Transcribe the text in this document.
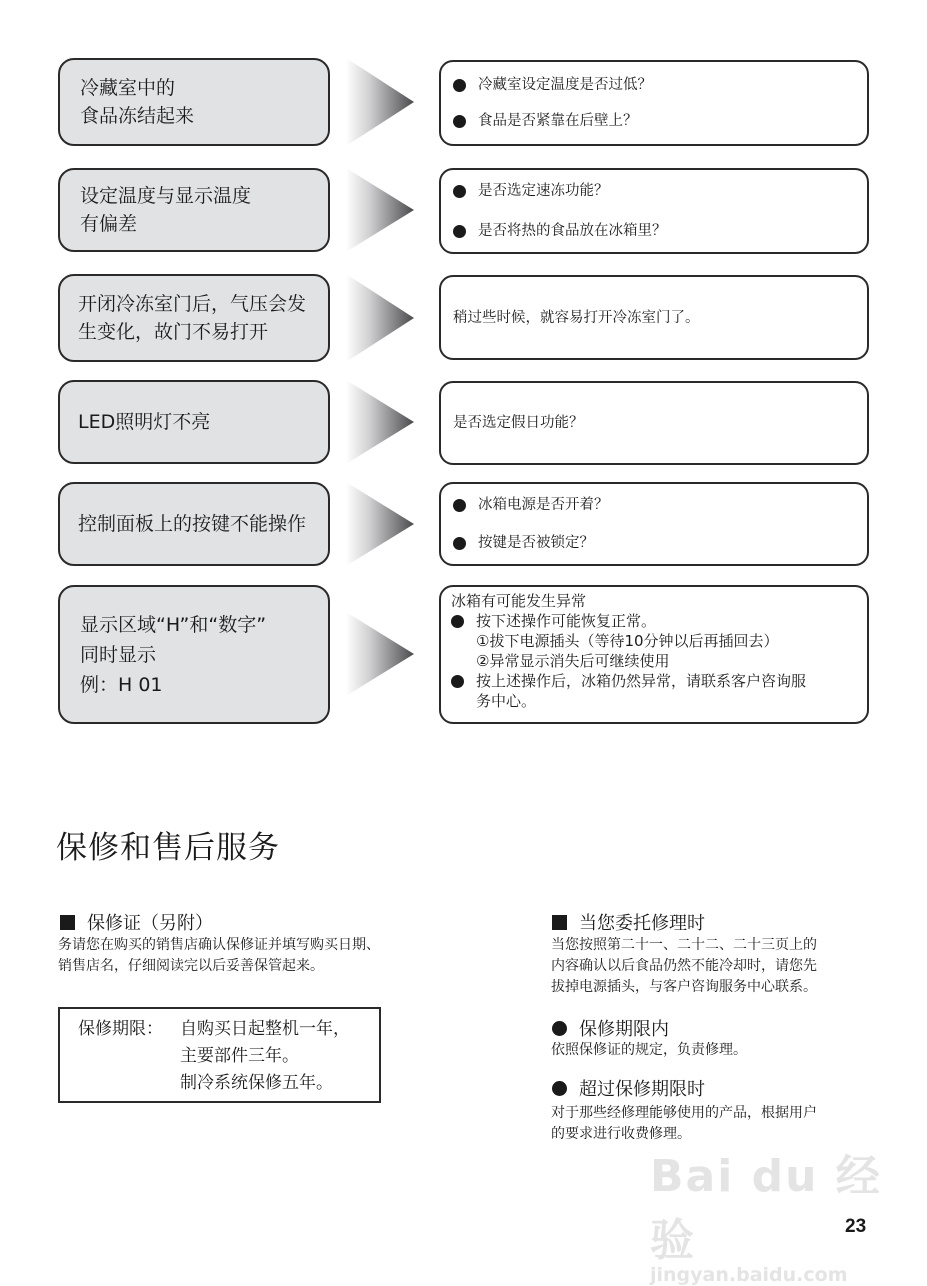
冷藏室中的
食品冻结起来
冷藏室设定温度是否过低？
食品是否紧靠在后壁上？
设定温度与显示温度
有偏差
是否选定速冻功能？
是否将热的食品放在冰箱里？
开闭冷冻室门后，气压会发
生变化，故门不易打开
稍过些时候，就容易打开冷冻室门了。
LED照明灯不亮	是否选定假日功能？
控制面板上的按键不能操作
冰箱电源是否开着？
按键是否被锁定？
显示区域“H”和“数字”
同时显示
例：H 01
冰箱有可能发生异常
按下述操作可能恢复正常。
①拔下电源插头（等待10分钟以后再插回去）
②异常显示消失后可继续使用
按上述操作后，冰箱仍然异常，请联系客户咨询服
务中心。
保修和售后服务
保修证（另附）
务请您在购买的销售店确认保修证并填写购买日期、
销售店名，仔细阅读完以后妥善保管起来。
保修期限：	自购买日起整机一年，
主要部件三年。
制冷系统保修五年。
当您委托修理时
当您按照第二十一、二十二、二十三页上的
内容确认以后食品仍然不能冷却时，请您先
拔掉电源插头，与客户咨询服务中心联系。
保修期限内
依照保修证的规定，负责修理。
超过保修期限时
对于那些经修理能够使用的产品，根据用户
的要求进行收费修理。
Bai du 经验
jingyan.baidu.com
23
